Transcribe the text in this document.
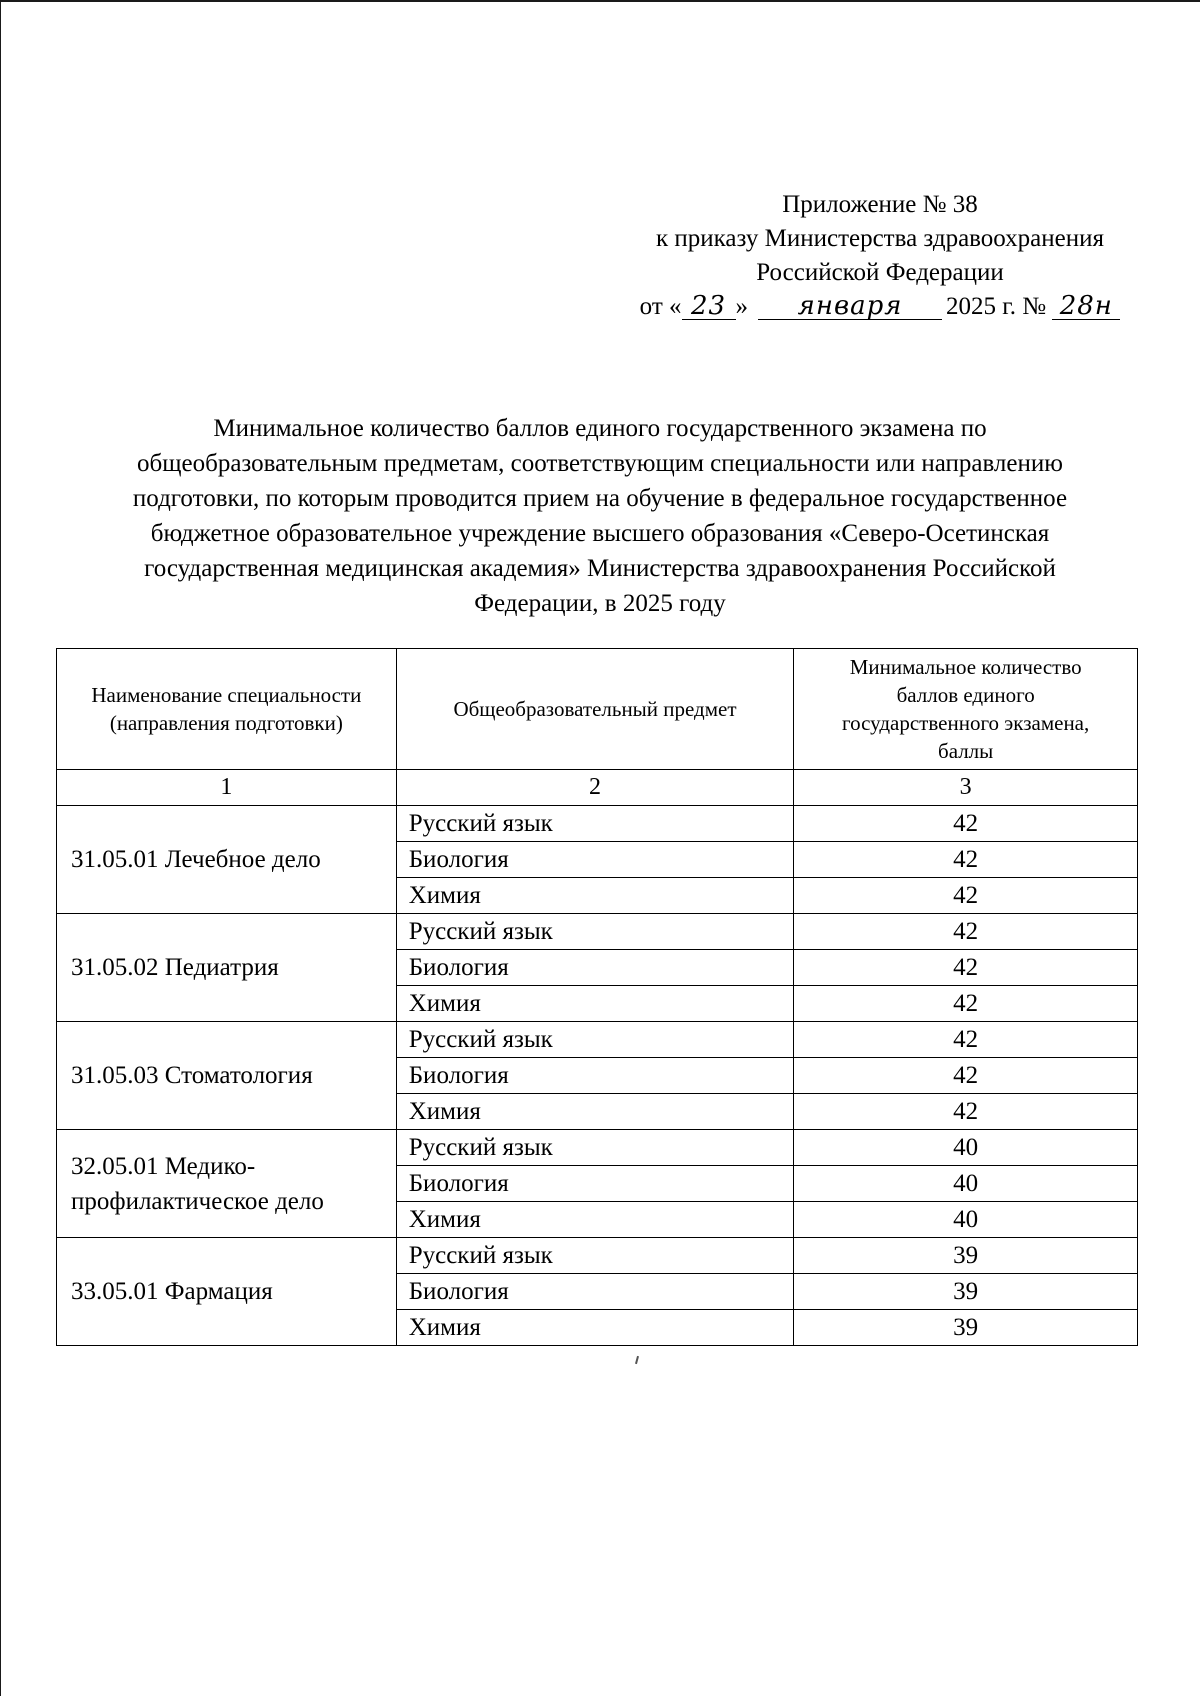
Приложение № 38
к приказу Министерства здравоохранения
Российской Федерации
от « 23 » января 2025 г. № 28н
Минимальное количество баллов единого государственного экзамена по
общеобразовательным предметам, соответствующим специальности или направлению
подготовки, по которым проводится прием на обучение в федеральное государственное
бюджетное образовательное учреждение высшего образования «Северо-Осетинская
государственная медицинская академия» Министерства здравоохранения Российской
Федерации, в 2025 году
Наименование специальности (направления подготовки)	Общеобразовательный предмет	Минимальное количество баллов единого государственного экзамена, баллы
1	2	3
31.05.01 Лечебное дело	Русский язык	42
	Биология	42
	Химия	42
31.05.02 Педиатрия	Русский язык	42
	Биология	42
	Химия	42
31.05.03 Стоматология	Русский язык	42
	Биология	42
	Химия	42
32.05.01 Медико-профилактическое дело	Русский язык	40
	Биология	40
	Химия	40
33.05.01 Фармация	Русский язык	39
	Биология	39
	Химия	39
